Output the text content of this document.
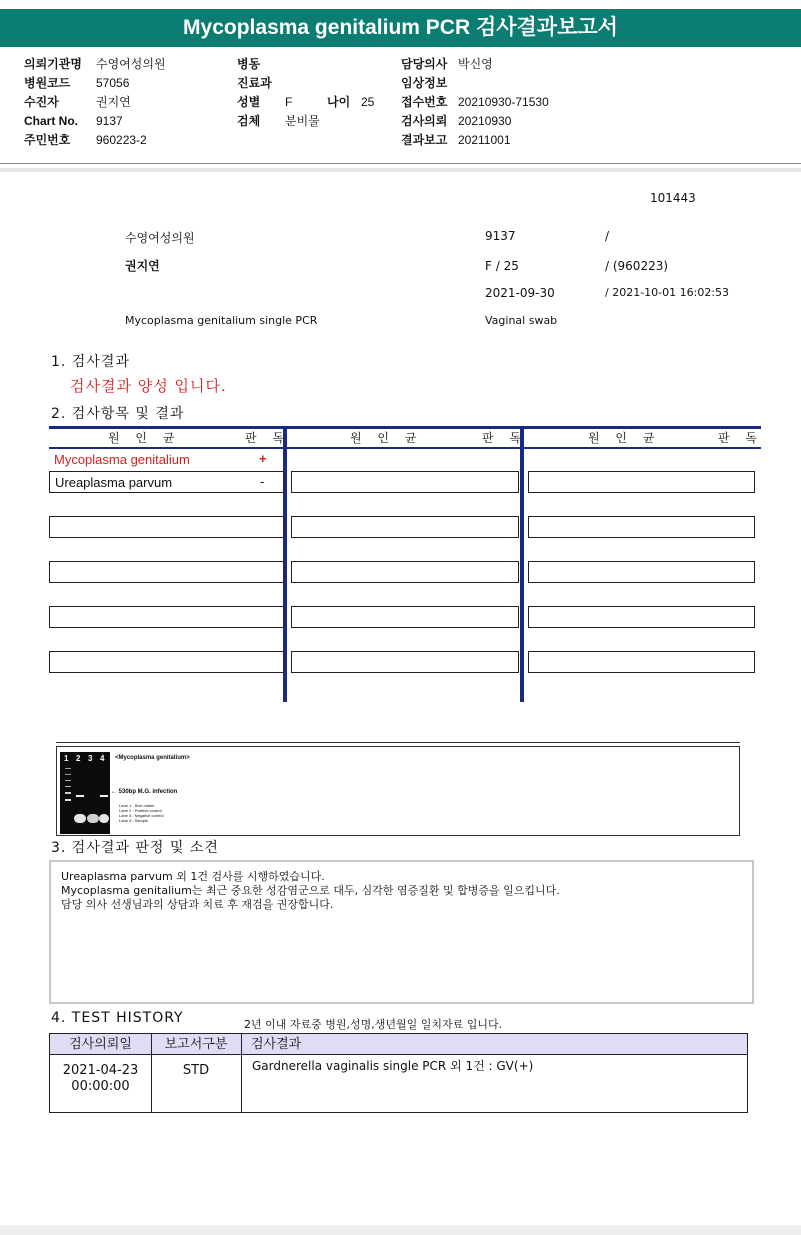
Mycoplasma genitalium PCR 검사결과보고서
의뢰기관명 수영여성의원
병원코드 57056
수진자	권지연
Chart No. 9137
주민번호 960223-2
병동
진료과
성별 F	나이 25
검체 분비물
담당의사 박신영
임상정보
접수번호 20210930-71530
검사의뢰 20210930
결과보고 20211001
101443
수영여성의원	9137	/
권지연	F / 25	/ (960223)
2021-09-30	/ 2021-10-01 16:02:53
Mycoplasma genitalium single PCR	Vaginal swab
1. 검사결과
검사결과 양성 입니다.
2. 검사항목 및 결과
원 인 균	판 독	원 인 균	판 독	원 인 균	판 독
Mycoplasma genitalium	+
Ureaplasma parvum	-
1 2 3 4 <Mycoplasma genitalium>
← 530bp M.G. infection
Lane 1 : Size maker
Lane 2 : Positive control
Lane 3 : Negative control
Lane 4 : Sample
3. 검사결과 판정 및 소견
Ureaplasma parvum 외 1건 검사를 시행하였습니다.
Mycoplasma genitalium는 최근 중요한 성감염군으로 대두, 심각한 염증질환 및 합병증을 일으킵니다.
담당 의사 선생님과의 상담과 치료 후 재검을 권장합니다.
4. TEST HISTORY	2년 이내 자료중 병원,성명,생년월일 일치자료 입니다.
검사의뢰일	보고서구분	검사결과
2021-04-23
00:00:00
STD	Gardnerella vaginalis single PCR 외 1건 : GV(+)
